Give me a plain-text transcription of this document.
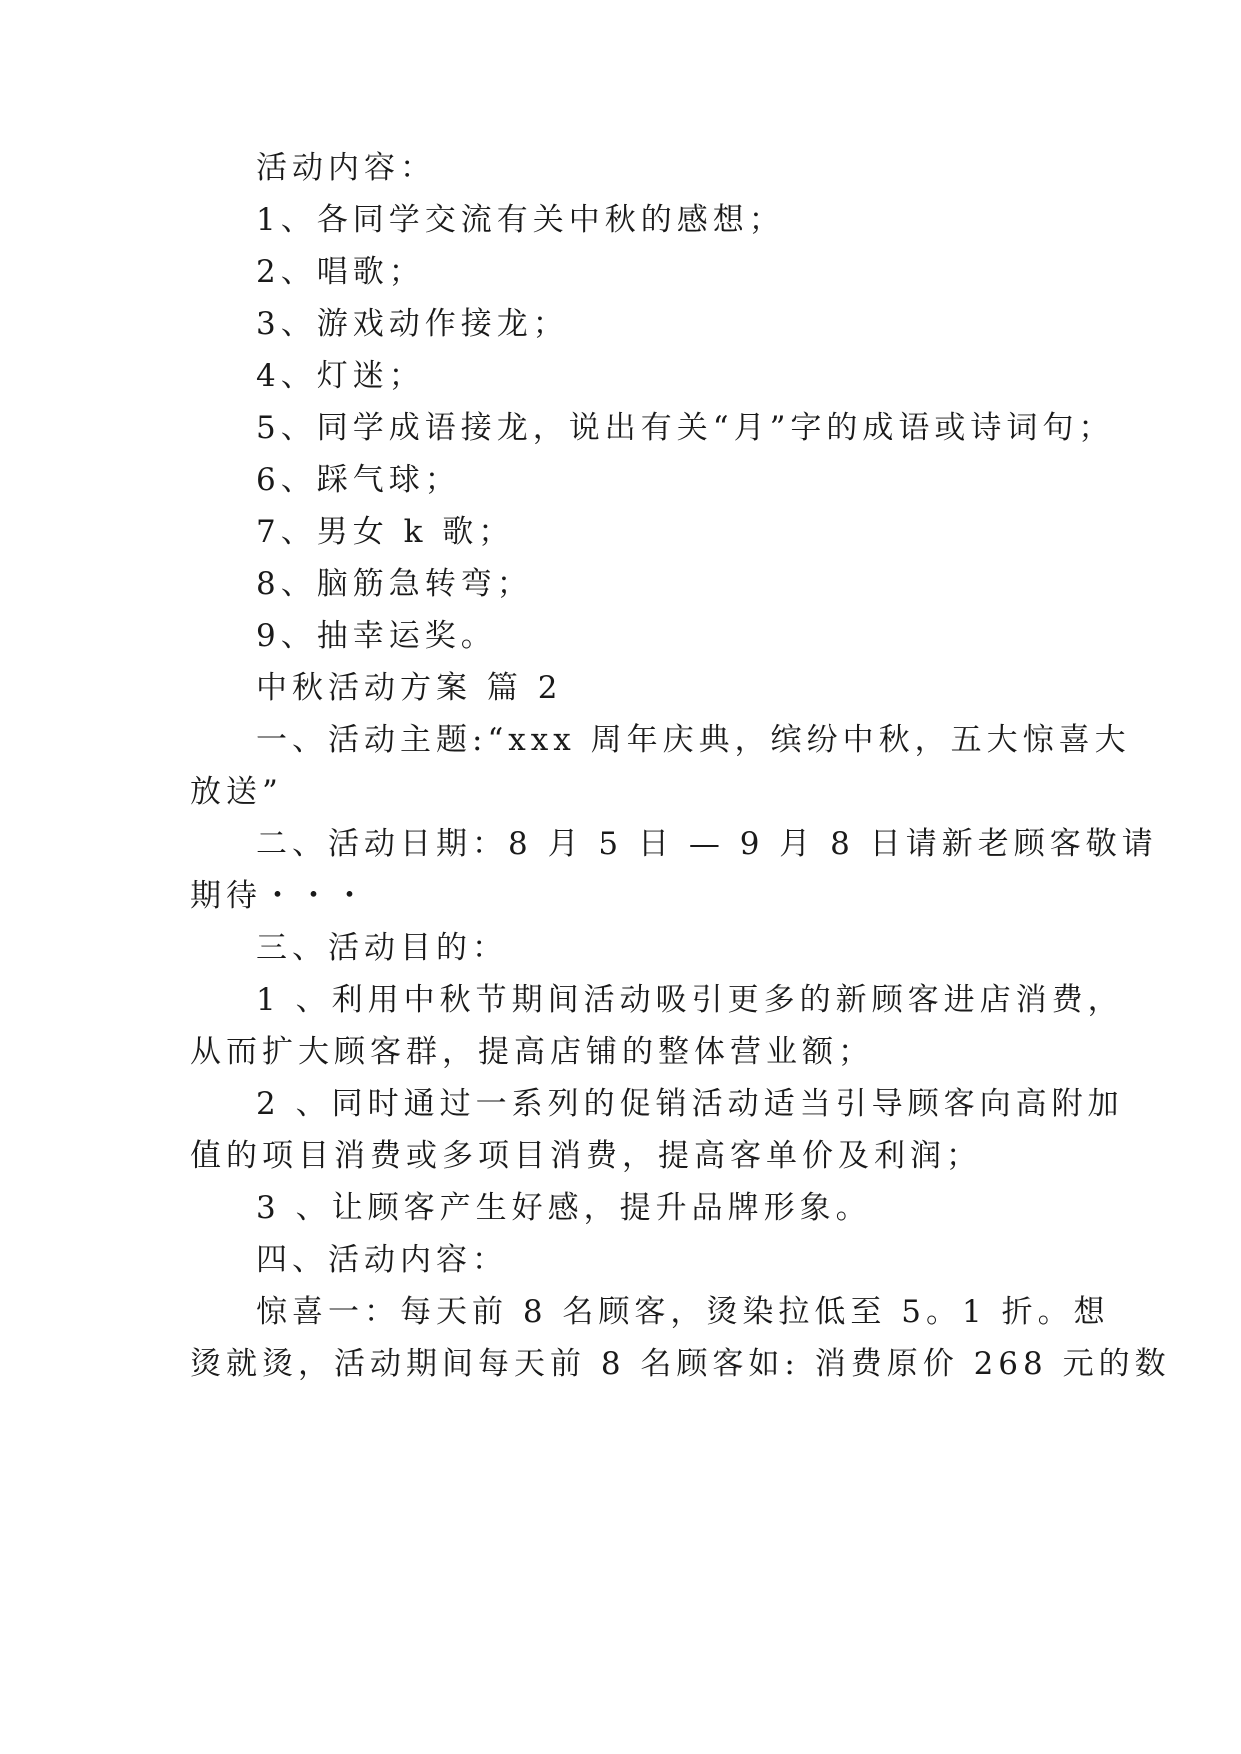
活动内容：
1、各同学交流有关中秋的感想；
2、唱歌；
3、游戏动作接龙；
4、灯迷；
5、同学成语接龙，说出有关“月”字的成语或诗词句；
6、踩气球；
7、男女 k 歌；
8、脑筋急转弯；
9、抽幸运奖。
中秋活动方案 篇 2
一、活动主题:“xxx 周年庆典，缤纷中秋，五大惊喜大
放送”
二、活动日期：8 月 5 日 — 9 月 8 日请新老顾客敬请
期待・・・
三、活动目的：
1 、利用中秋节期间活动吸引更多的新顾客进店消费，
从而扩大顾客群，提高店铺的整体营业额；
2 、同时通过一系列的促销活动适当引导顾客向高附加
值的项目消费或多项目消费，提高客单价及利润；
3 、让顾客产生好感，提升品牌形象。
四、活动内容：
惊喜一：每天前 8 名顾客，烫染拉低至 5。1 折。想
烫就烫，活动期间每天前 8 名顾客如: 消费原价 268 元的数
